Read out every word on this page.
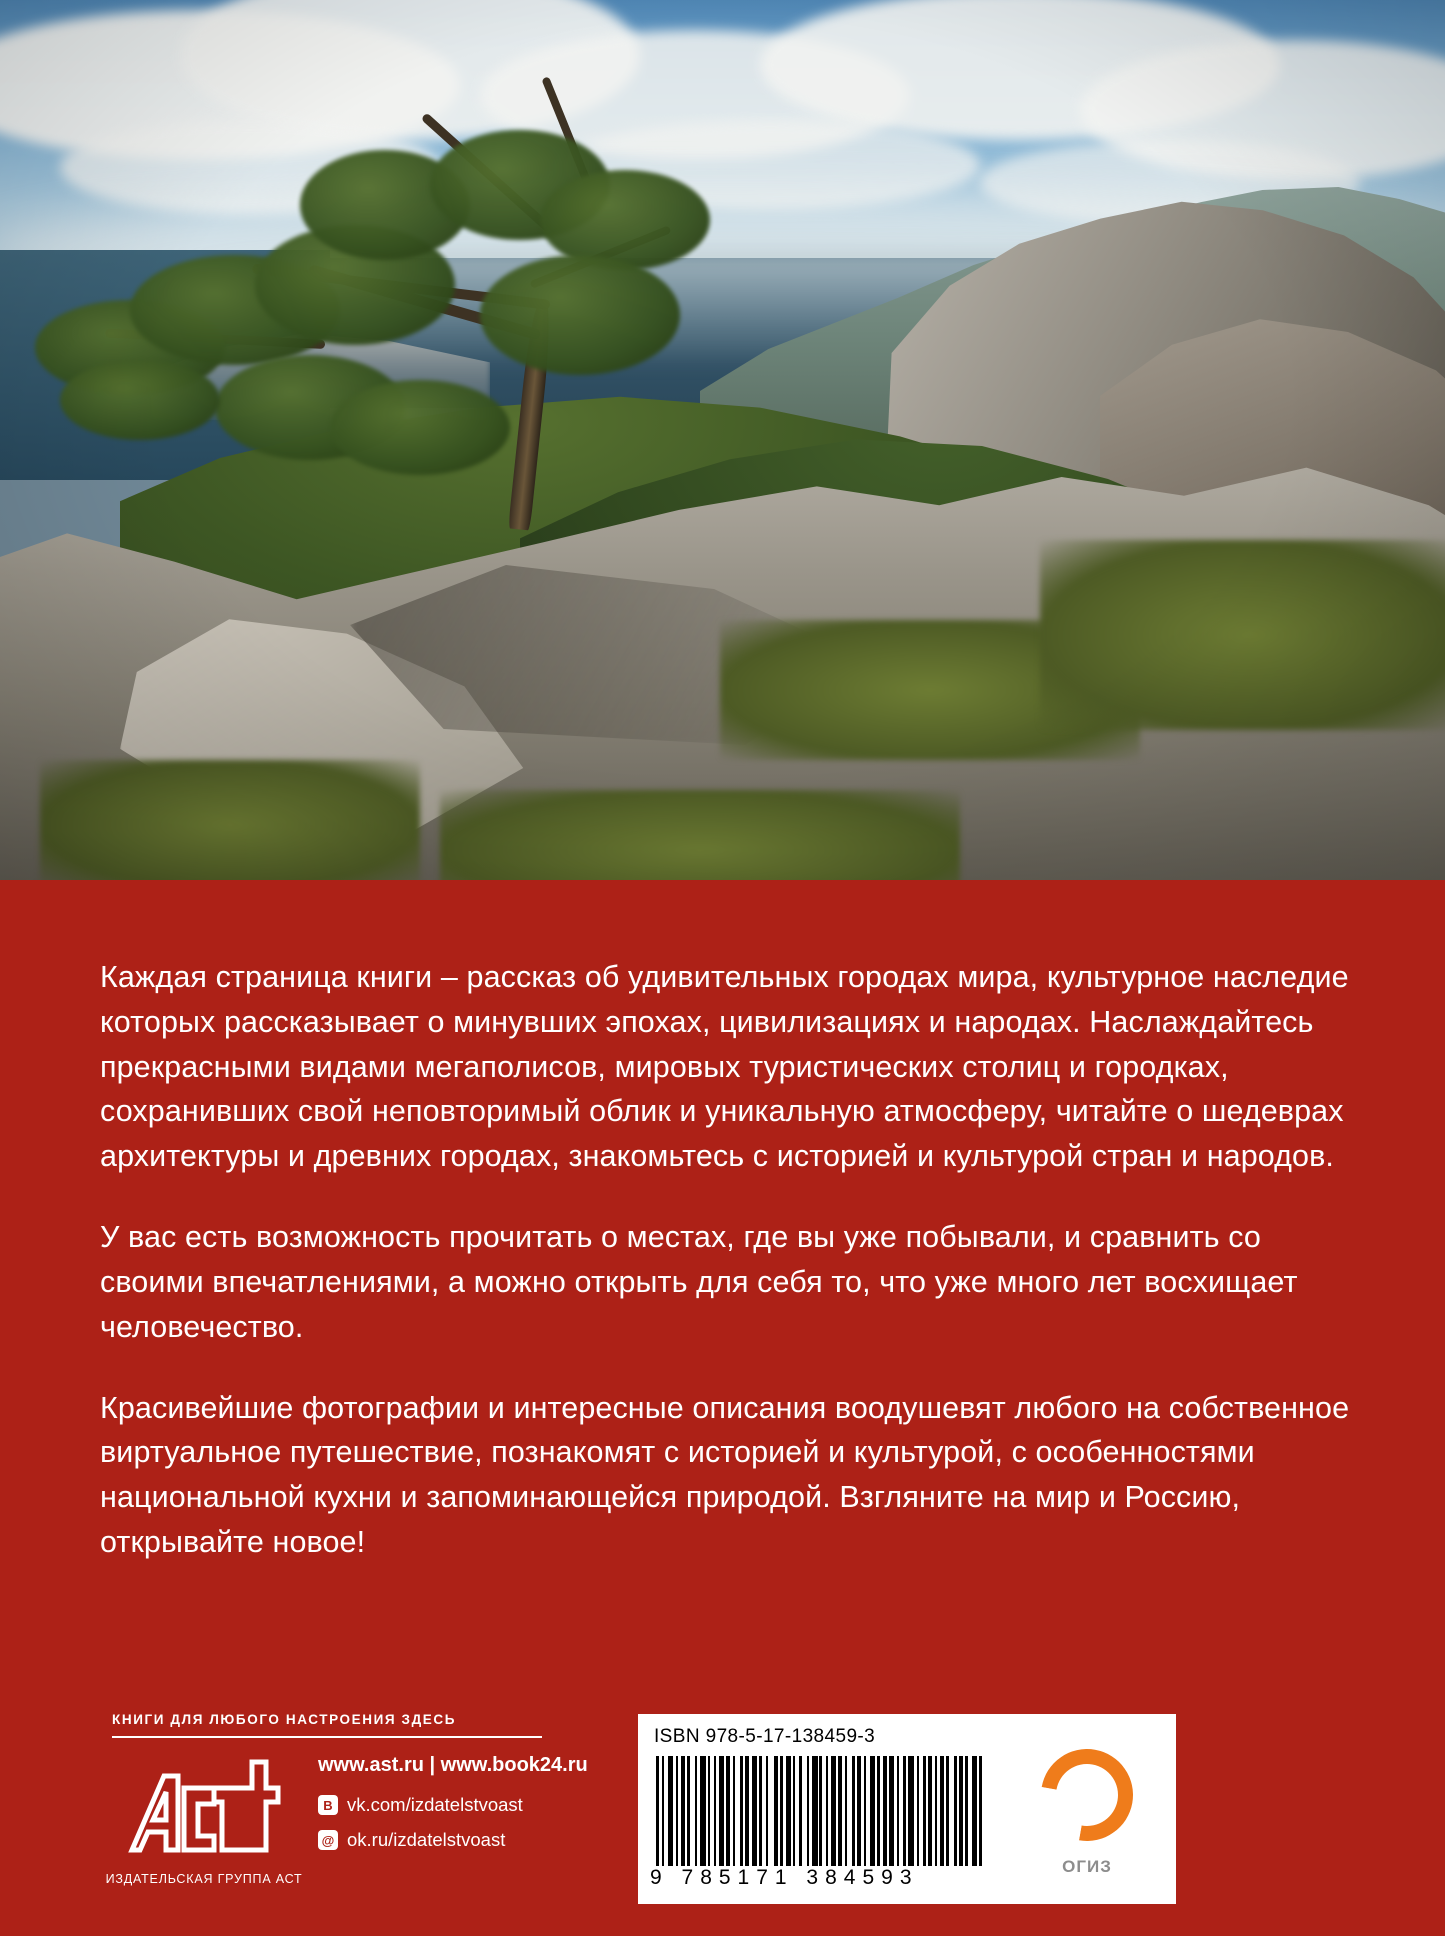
Каждая страница книги – рассказ об удивительных городах мира, культурное наследие которых рассказывает о минувших эпохах, цивилизациях и народах. Наслаждайтесь прекрасными видами мегаполисов, мировых туристических столиц и городках, сохранивших свой неповторимый облик и уникальную атмосферу, читайте о шедеврах архитектуры и древних городах, знакомьтесь с историей и культурой стран и народов.

У вас есть возможность прочитать о местах, где вы уже побывали, и сравнить со своими впечатлениями, а можно открыть для себя то, что уже много лет восхищает человечество.

Красивейшие фотографии и интересные описания воодушевят любого на собственное виртуальное путешествие, познакомят с историей и культурой, с особенностями национальной кухни и запоминающейся природой. Взгляните на мир и Россию, открывайте новое!

КНИГИ ДЛЯ ЛЮБОГО НАСТРОЕНИЯ ЗДЕСЬ
ИЗДАТЕЛЬСКАЯ ГРУППА АСТ
www.ast.ru | www.book24.ru
B vk.com/izdatelstvoast
@ ok.ru/izdatelstvoast
ISBN 978-5-17-138459-3
9 785171 384593	ОГИЗ
